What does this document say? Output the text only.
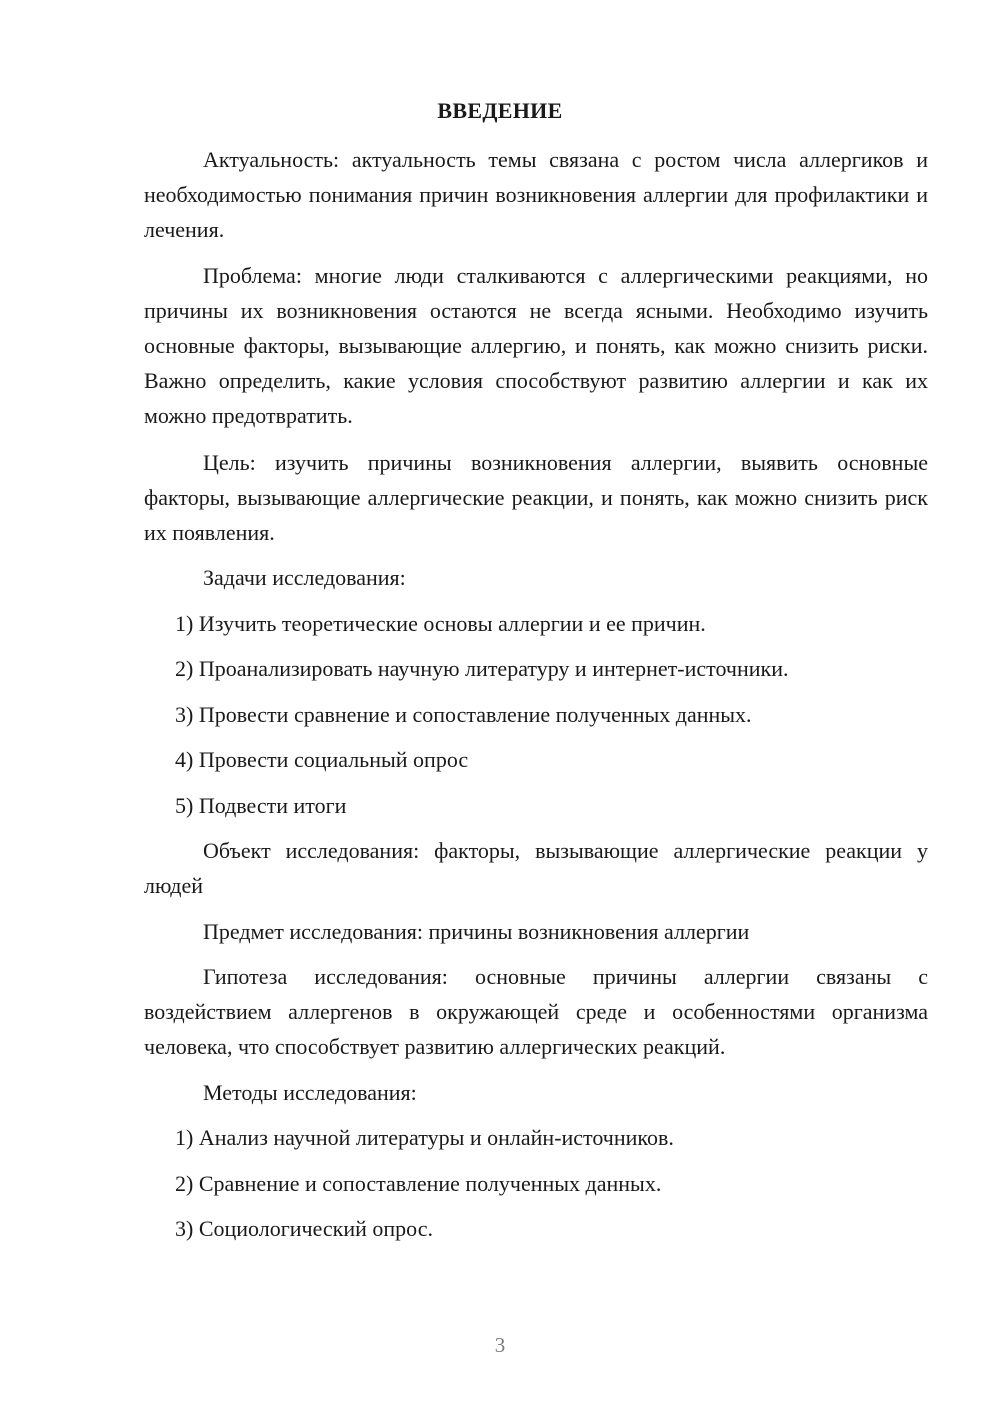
ВВЕДЕНИЕ

Актуальность: актуальность темы связана с ростом числа аллергиков и необходимостью понимания причин возникновения аллергии для профилактики и лечения.

Проблема: многие люди сталкиваются с аллергическими реакциями, но причины их возникновения остаются не всегда ясными. Необходимо изучить основные факторы, вызывающие аллергию, и понять, как можно снизить риски. Важно определить, какие условия способствуют развитию аллергии и как их можно предотвратить.

Цель: изучить причины возникновения аллергии, выявить основные факторы, вызывающие аллергические реакции, и понять, как можно снизить риск их появления.

Задачи исследования:

1) Изучить теоретические основы аллергии и ее причин.

2) Проанализировать научную литературу и интернет-источники.

3) Провести сравнение и сопоставление полученных данных.

4) Провести социальный опрос

5) Подвести итоги

Объект исследования: факторы, вызывающие аллергические реакции у людей

Предмет исследования: причины возникновения аллергии

Гипотеза исследования: основные причины аллергии связаны с воздействием аллергенов в окружающей среде и особенностями организма человека, что способствует развитию аллергических реакций.

Методы исследования:

1) Анализ научной литературы и онлайн-источников.

2) Сравнение и сопоставление полученных данных.

3) Социологический опрос.

3
